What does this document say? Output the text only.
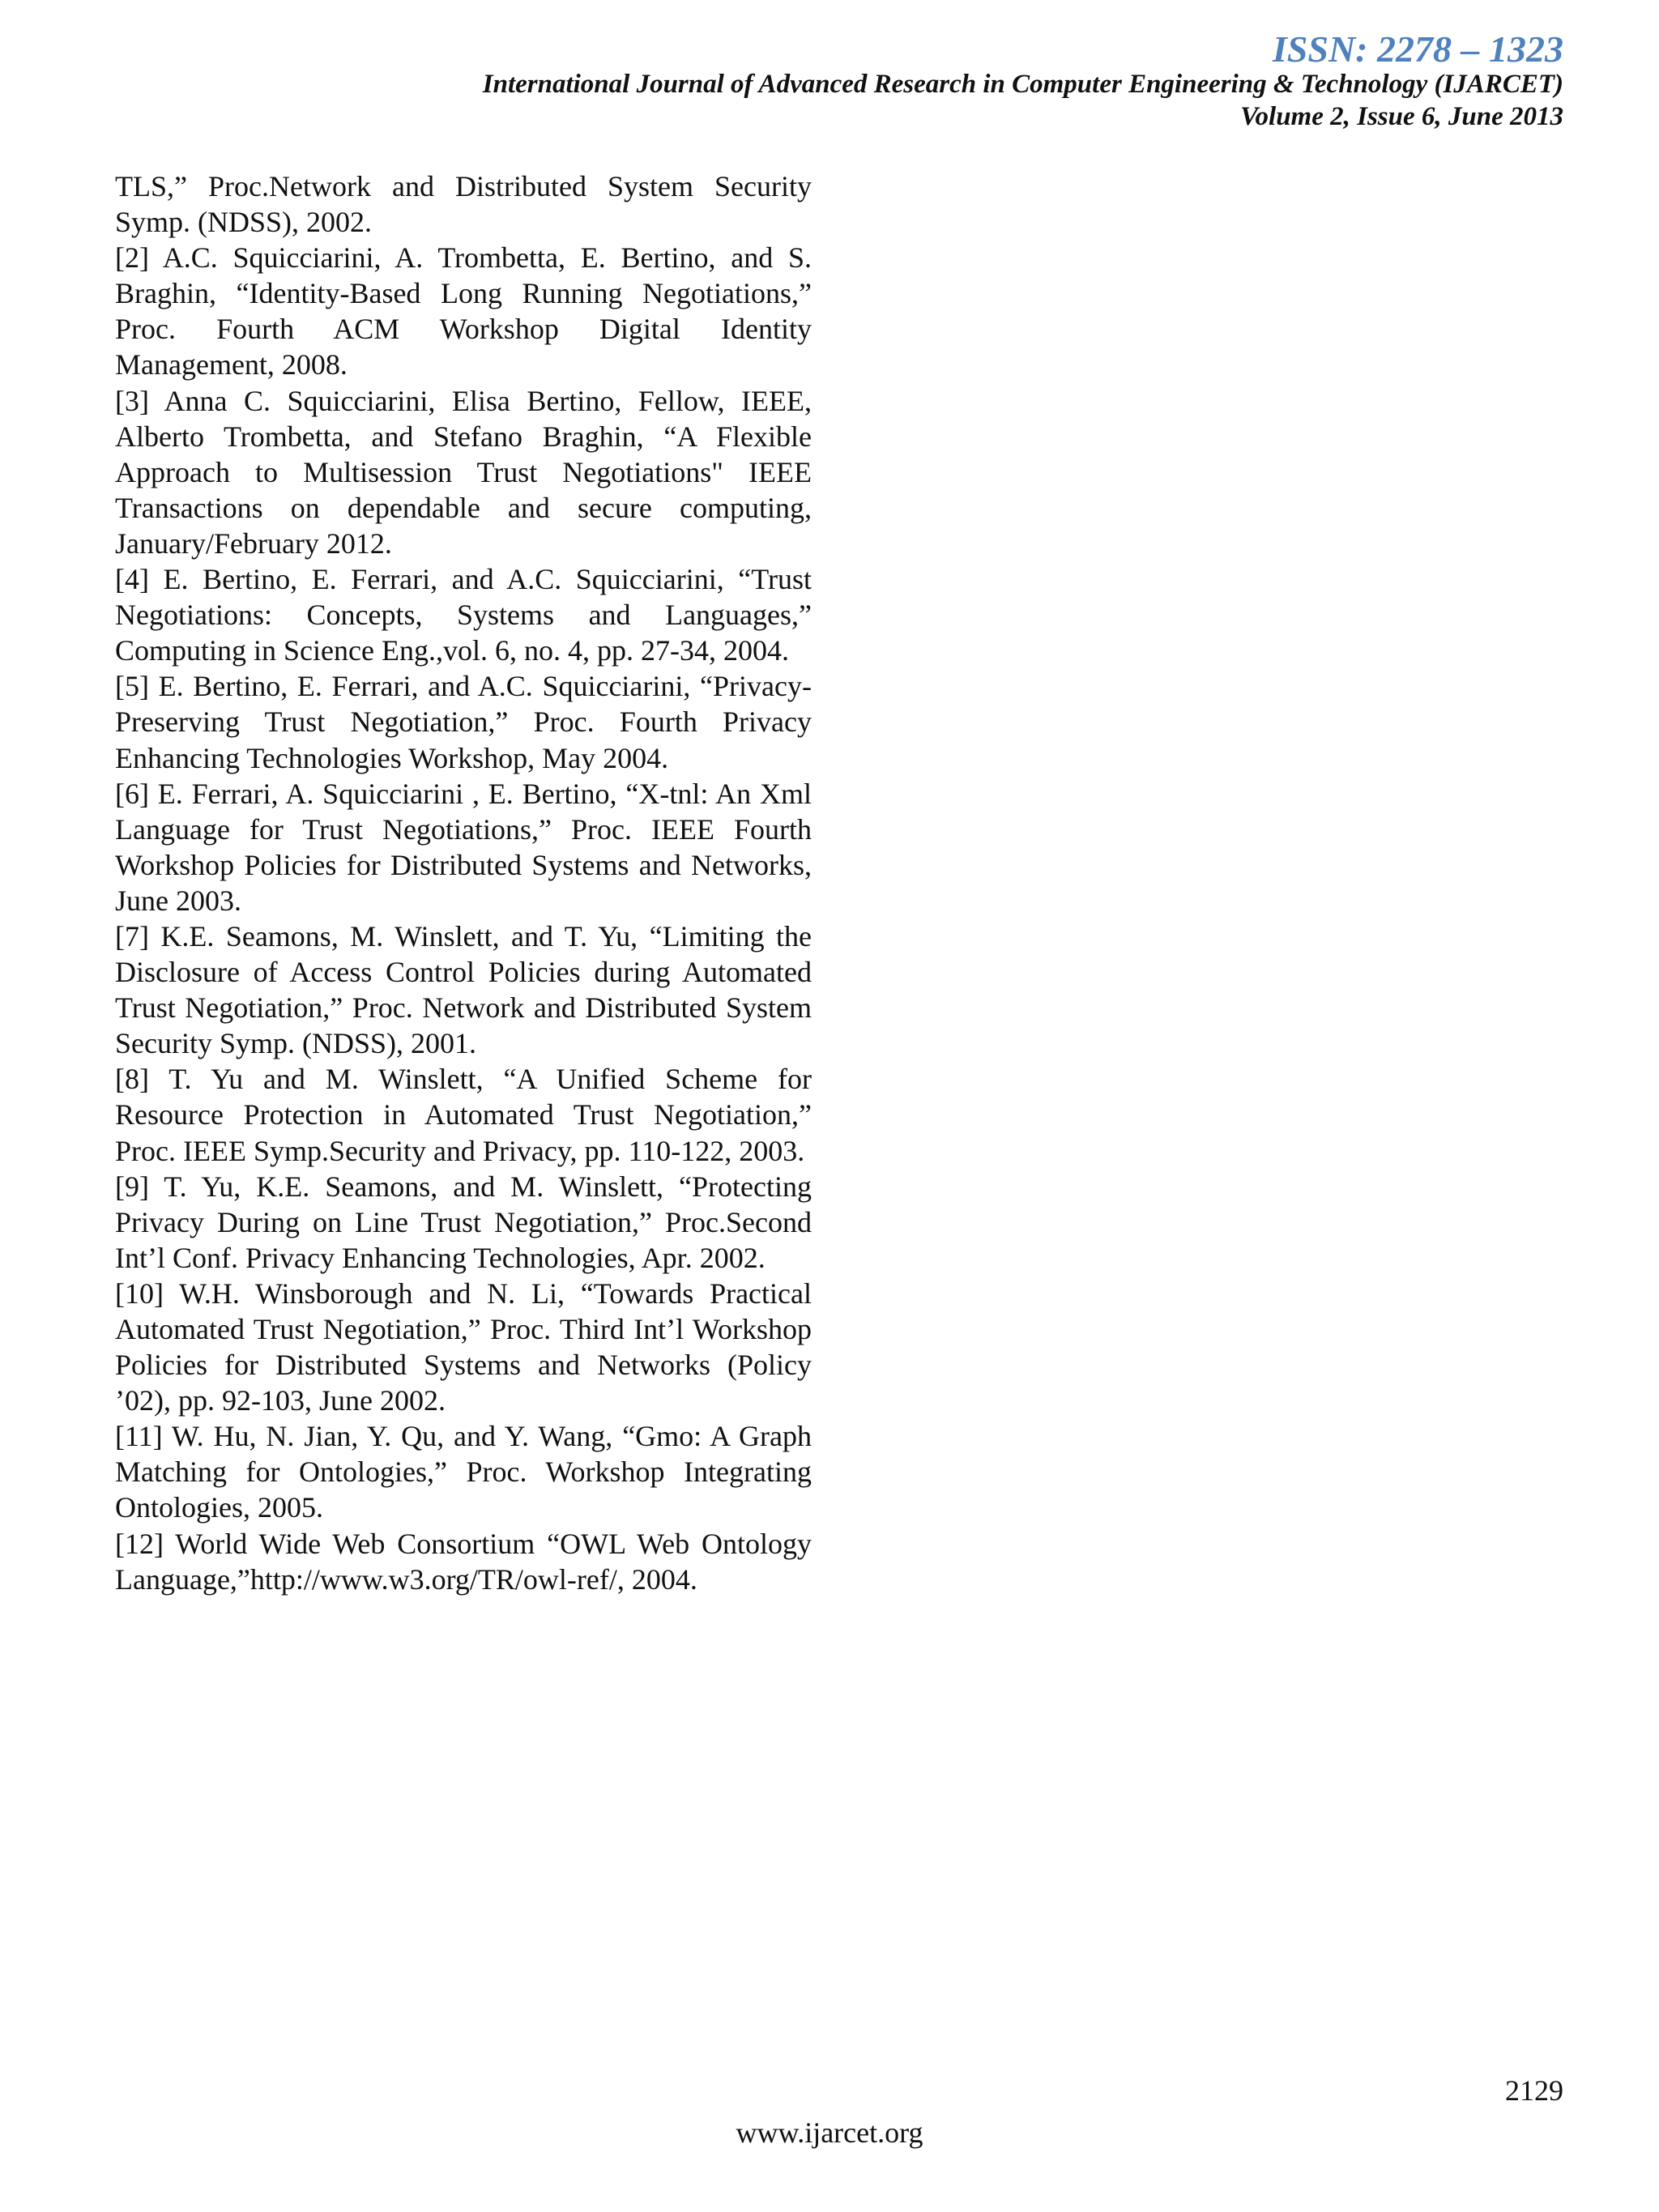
ISSN: 2278 – 1323
International Journal of Advanced Research in Computer Engineering & Technology (IJARCET)
Volume 2, Issue 6, June 2013

TLS,” Proc.Network and Distributed System Security Symp. (NDSS), 2002.

[2] A.C. Squicciarini, A. Trombetta, E. Bertino, and S. Braghin, “Identity-Based Long Running Negotiations,” Proc. Fourth ACM Workshop Digital Identity Management, 2008.

[3] Anna C. Squicciarini, Elisa Bertino, Fellow, IEEE, Alberto Trombetta, and Stefano Braghin, “A Flexible Approach to Multisession Trust Negotiations" IEEE Transactions on dependable and secure computing, January/February 2012.

[4] E. Bertino, E. Ferrari, and A.C. Squicciarini, “Trust Negotiations: Concepts, Systems and Languages,” Computing in Science Eng.,vol. 6, no. 4, pp. 27-34, 2004.

[5] E. Bertino, E. Ferrari, and A.C. Squicciarini, “Privacy-Preserving Trust Negotiation,” Proc. Fourth Privacy Enhancing Technologies Workshop, May 2004.

[6] E. Ferrari, A. Squicciarini , E. Bertino, “X-tnl: An Xml Language for Trust Negotiations,” Proc. IEEE Fourth Workshop Policies for Distributed Systems and Networks, June 2003.

[7] K.E. Seamons, M. Winslett, and T. Yu, “Limiting the Disclosure of Access Control Policies during Automated Trust Negotiation,” Proc. Network and Distributed System Security Symp. (NDSS), 2001.

[8] T. Yu and M. Winslett, “A Unified Scheme for Resource Protection in Automated Trust Negotiation,” Proc. IEEE Symp.Security and Privacy, pp. 110-122, 2003.

[9] T. Yu, K.E. Seamons, and M. Winslett, “Protecting Privacy During on Line Trust Negotiation,” Proc.Second Int’l Conf. Privacy Enhancing Technologies, Apr. 2002.

[10] W.H. Winsborough and N. Li, “Towards Practical Automated Trust Negotiation,” Proc. Third Int’l Workshop Policies for Distributed Systems and Networks (Policy ’02), pp. 92-103, June 2002.

[11] W. Hu, N. Jian, Y. Qu, and Y. Wang, “Gmo: A Graph Matching for Ontologies,” Proc. Workshop Integrating Ontologies, 2005.

[12] World Wide Web Consortium “OWL Web Ontology Language,”http://www.w3.org/TR/owl-ref/, 2004.

2129
www.ijarcet.org
